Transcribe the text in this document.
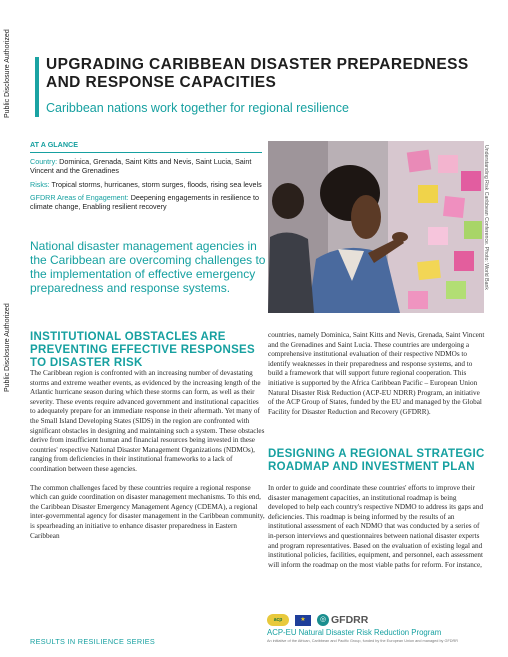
Public Disclosure Authorized
Public Disclosure Authorized
UPGRADING CARIBBEAN DISASTER PREPAREDNESS AND RESPONSE CAPACITIES
Caribbean nations work together for regional resilience
AT A GLANCE
Country: Dominica, Grenada, Saint Kitts and Nevis, Saint Lucia, Saint Vincent and the Grenadines
Risks: Tropical storms, hurricanes, storm surges, floods, rising sea levels
GFDRR Areas of Engagement: Deepening engagements in resilience to climate change, Enabling resilient recovery
National disaster management agencies in the Caribbean are overcoming challenges to the implementation of effective emergency preparedness and response systems.	Understanding Risk Caribbean Conference. Photo: World Bank
INSTITUTIONAL OBSTACLES ARE PREVENTING EFFECTIVE RESPONSES TO DISASTER RISK

The Caribbean region is confronted with an increasing number of devastating storms and extreme weather events, as evidenced by the increasing length of the Atlantic hurricane season during which these storms can form, as well as their severity. These events require advanced government and institutional capacities to adequately prepare for an immediate response in their aftermath. Yet many of the Small Island Developing States (SIDS) in the region are confronted with significant obstacles in designing and maintaining such a system. These obstacles derive from insufficient human and financial resources being invested in these countries' respective National Disaster Management Organizations (NDMOs), ranging from deficiencies in their institutional frameworks to a lack of coordination between these agencies.

The common challenges faced by these countries require a regional response which can guide coordination on disaster management mechanisms. To this end, the Caribbean Disaster Emergency Management Agency (CDEMA), a regional inter-governmental agency for disaster management in the Caribbean community, is spearheading an initiative to enhance disaster preparedness in Eastern Caribbean

countries, namely Dominica, Saint Kitts and Nevis, Grenada, Saint Vincent and the Grenadines and Saint Lucia. These countries are undergoing a comprehensive institutional evaluation of their respective NDMOs to identify weaknesses in their preparedness and response systems, and to build a framework that will support future regional cooperation. This initiative is supported by the Africa Caribbean Pacific – European Union Natural Disaster Risk Reduction (ACP-EU NDRR) Program, an initiative of the ACP Group of States, funded by the EU and managed by the Global Facility for Disaster Reduction and Recovery (GFDRR).

DESIGNING A REGIONAL STRATEGIC ROADMAP AND INVESTMENT PLAN

In order to guide and coordinate these countries' efforts to improve their disaster management capacities, an institutional roadmap is being developed to help each country's respective NDMO to address its gaps and deficiencies. This roadmap is being informed by the results of an institutional assessment of each NDMO that was conducted by a series of in-person interviews and questionnaires between national disaster experts and program representatives. Based on the evaluation of existing legal and institutional policies, facilities, equipment, and personnel, each assessment will inform the roadmap on the most viable paths for reform. For instance,

acp	★	◎ GFDRR
RESULTS IN RESILIENCE SERIES
ACP-EU Natural Disaster Risk Reduction Program
An initiative of the African, Caribbean and Pacific Group, funded by the European Union and managed by GFDRR
